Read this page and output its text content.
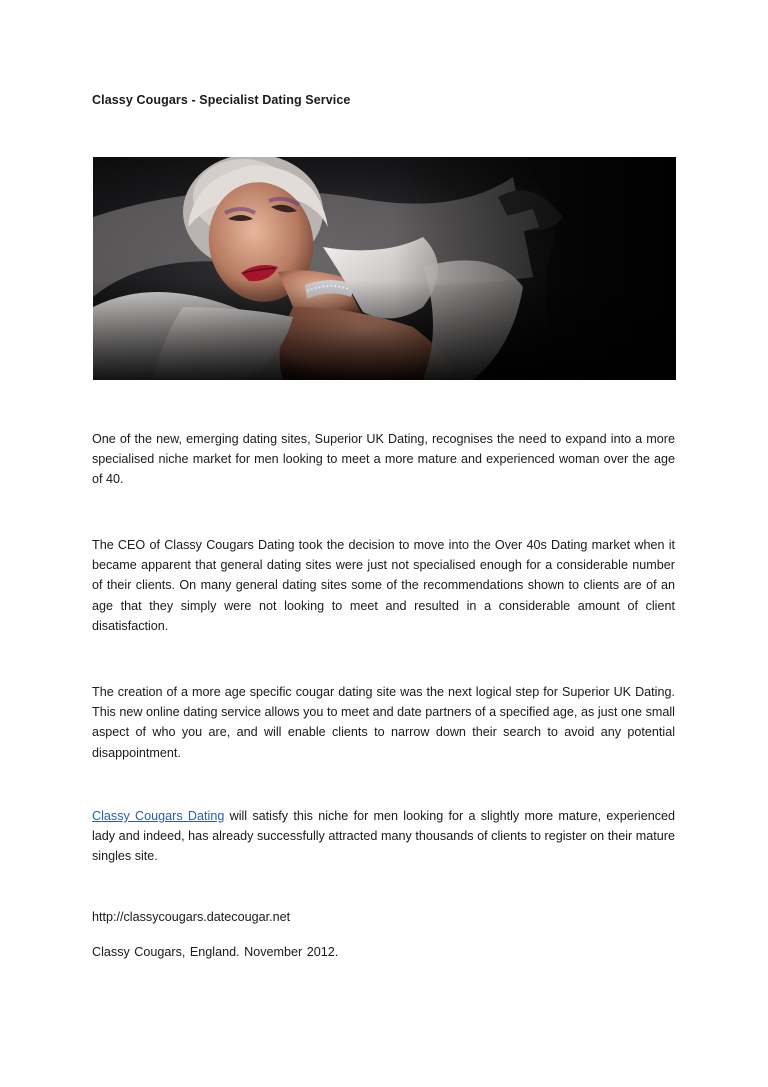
Classy Cougars - Specialist Dating Service

One of the new, emerging dating sites, Superior UK Dating, recognises the need to expand into a more specialised niche market for men looking to meet a more mature and experienced woman over the age of 40.

The CEO of Classy Cougars Dating took the decision to move into the Over 40s Dating market when it became apparent that general dating sites were just not specialised enough for a considerable number of their clients. On many general dating sites some of the recommendations shown to clients are of an age that they simply were not looking to meet and resulted in a considerable amount of client disatisfaction.

The creation of a more age specific cougar dating site was the next logical step for Superior UK Dating. This new online dating service allows you to meet and date partners of a specified age, as just one small aspect of who you are, and will enable clients to narrow down their search to avoid any potential disappointment.

Classy Cougars Dating will satisfy this niche for men looking for a slightly more mature, experienced lady and indeed, has already successfully attracted many thousands of clients to register on their mature singles site.

http://classycougars.datecougar.net
Classy Cougars, England. November 2012.
